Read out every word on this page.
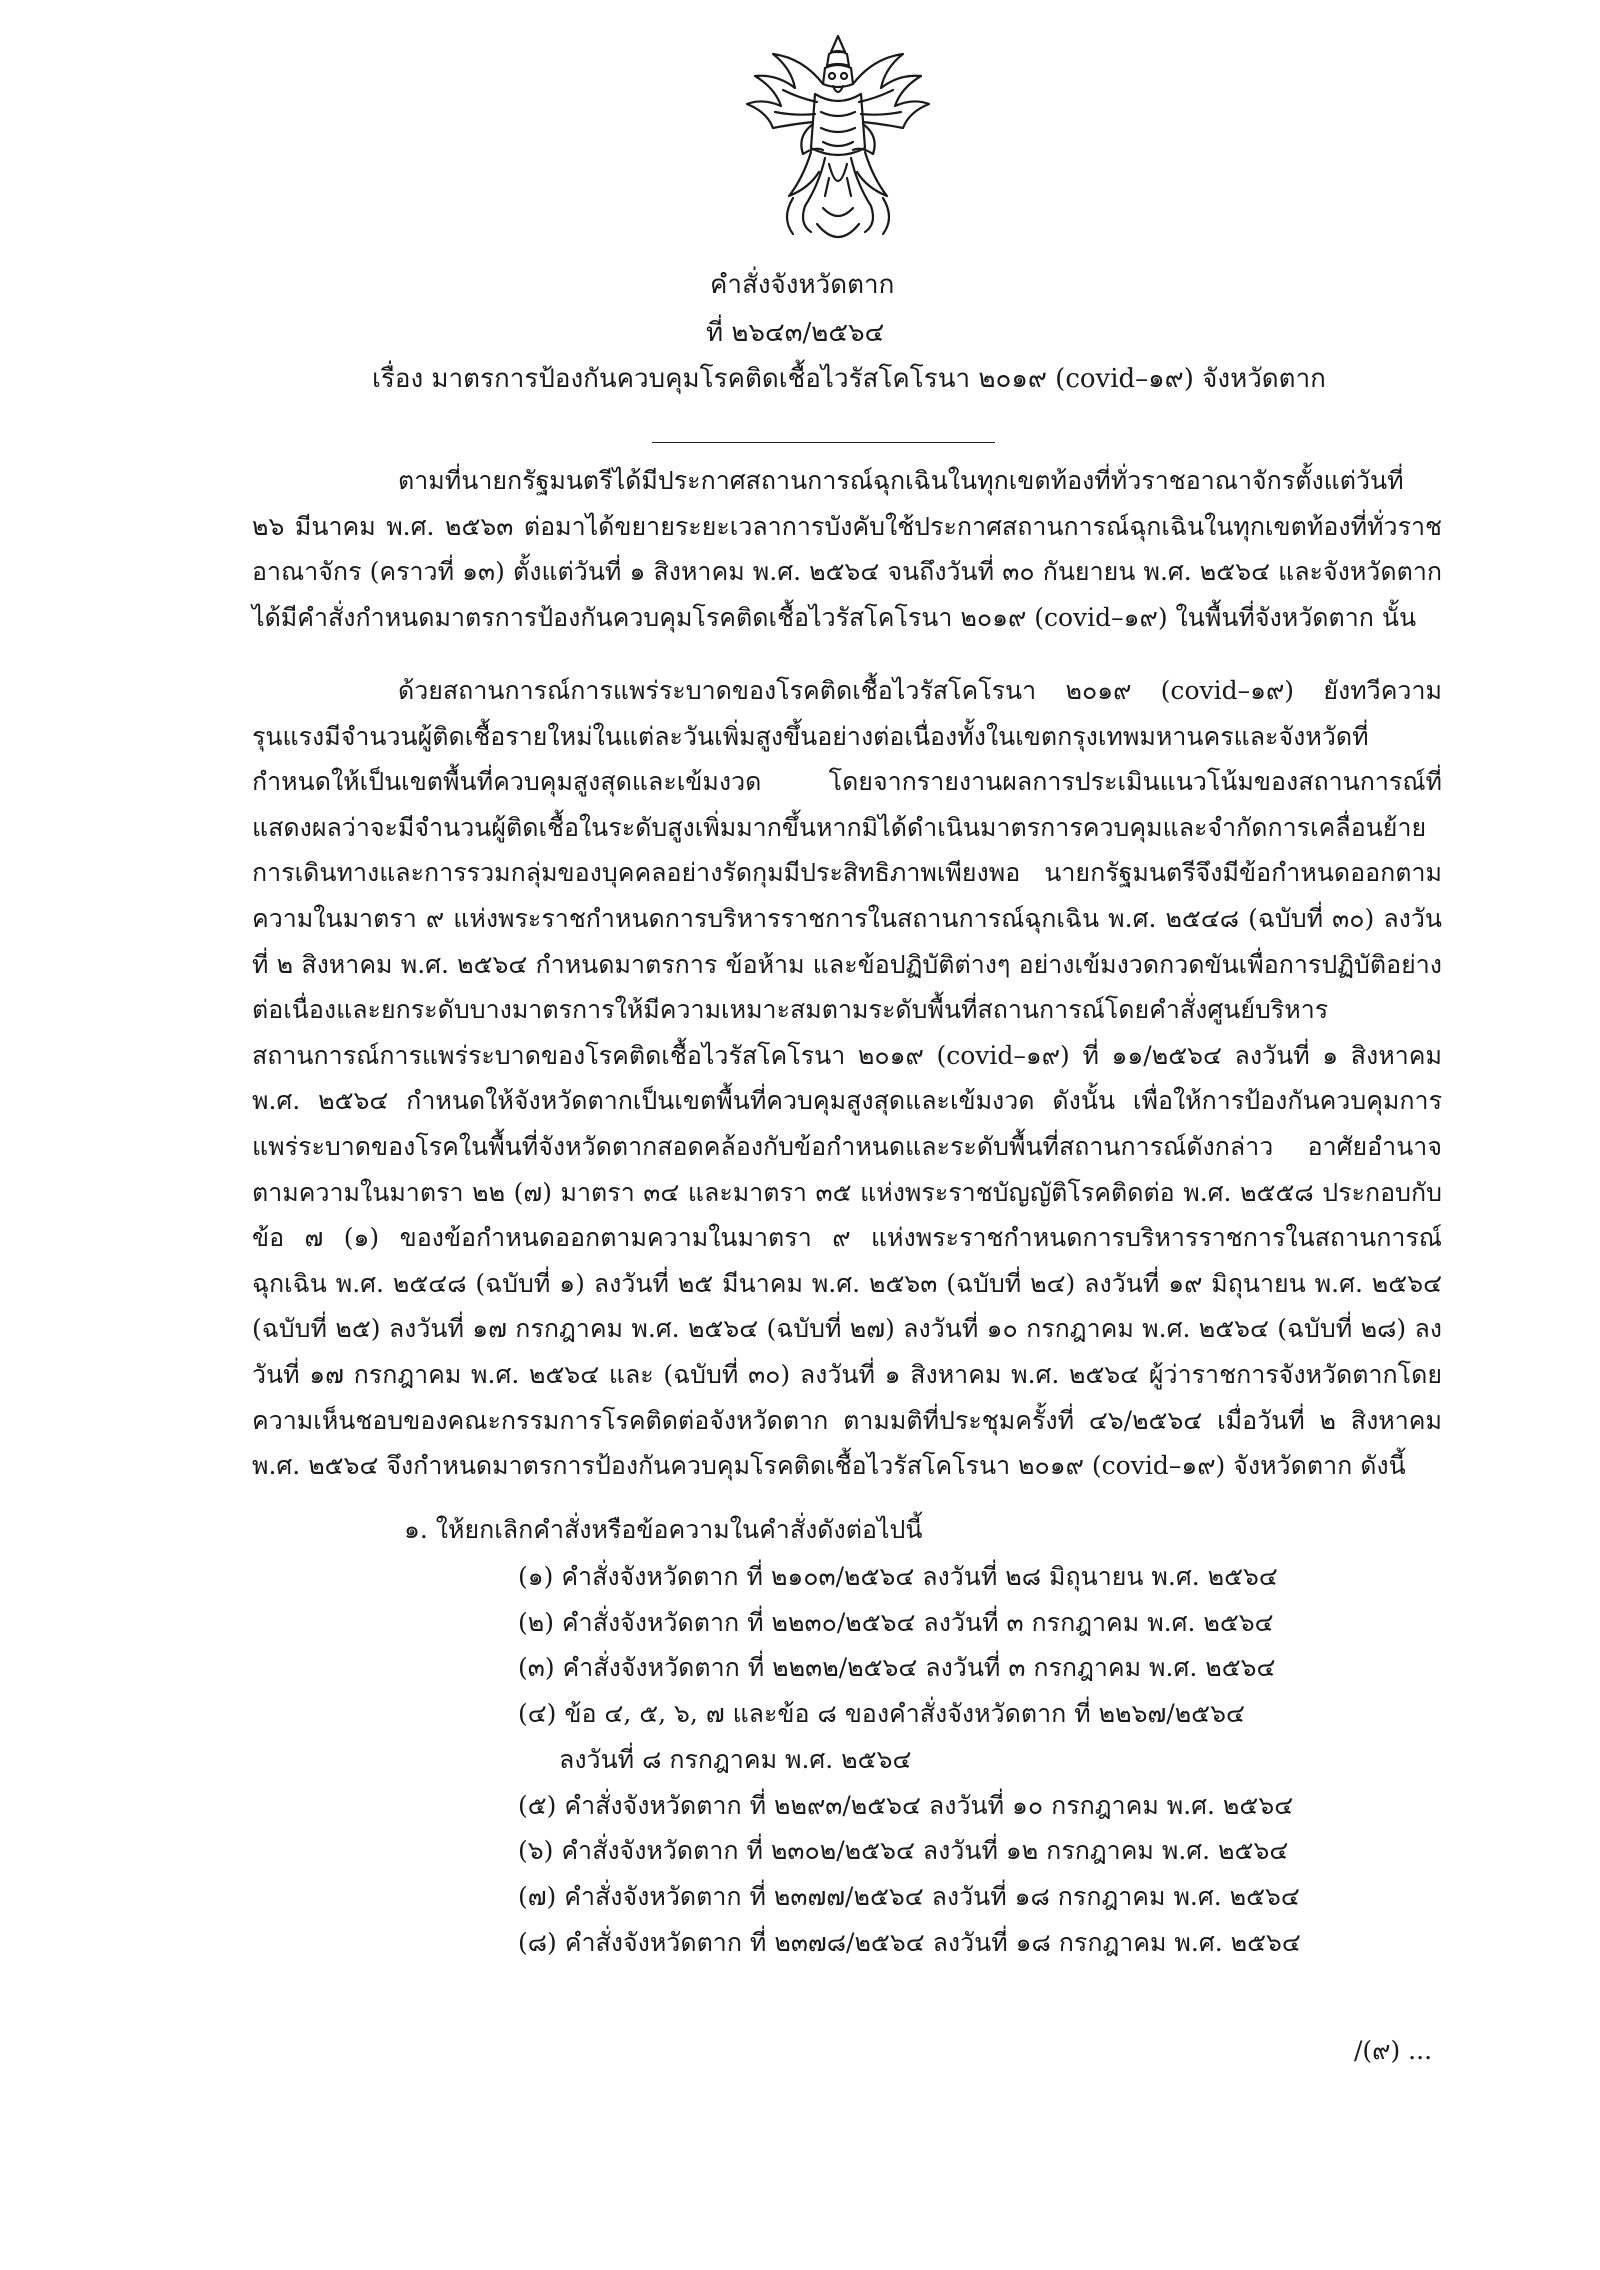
คำสั่งจังหวัดตาก
ที่ ๒๖๔๓/๒๕๖๔
เรื่อง มาตรการป้องกันควบคุมโรคติดเชื้อไวรัสโคโรนา ๒๐๑๙ (covid–๑๙) จังหวัดตาก

ตามที่นายกรัฐมนตรีได้มีประกาศสถานการณ์ฉุกเฉินในทุกเขตท้องที่ทั่วราชอาณาจักรตั้งแต่วันที่ ๒๖ มีนาคม พ.ศ. ๒๕๖๓ ต่อมาได้ขยายระยะเวลาการบังคับใช้ประกาศสถานการณ์ฉุกเฉินในทุกเขตท้องที่ทั่วราชอาณาจักร (คราวที่ ๑๓) ตั้งแต่วันที่ ๑ สิงหาคม พ.ศ. ๒๕๖๔ จนถึงวันที่ ๓๐ กันยายน พ.ศ. ๒๕๖๔ และจังหวัดตากได้มีคำสั่งกำหนดมาตรการป้องกันควบคุมโรคติดเชื้อไวรัสโคโรนา ๒๐๑๙ (covid–๑๙) ในพื้นที่จังหวัดตาก นั้น

ด้วยสถานการณ์การแพร่ระบาดของโรคติดเชื้อไวรัสโคโรนา ๒๐๑๙ (covid–๑๙) ยังทวีความรุนแรงมีจำนวนผู้ติดเชื้อรายใหม่ในแต่ละวันเพิ่มสูงขึ้นอย่างต่อเนื่องทั้งในเขตกรุงเทพมหานครและจังหวัดที่กำหนดให้เป็นเขตพื้นที่ควบคุมสูงสุดและเข้มงวด โดยจากรายงานผลการประเมินแนวโน้มของสถานการณ์ที่แสดงผลว่าจะมีจำนวนผู้ติดเชื้อในระดับสูงเพิ่มมากขึ้นหากมิได้ดำเนินมาตรการควบคุมและจำกัดการเคลื่อนย้ายการเดินทางและการรวมกลุ่มของบุคคลอย่างรัดกุมมีประสิทธิภาพเพียงพอ นายกรัฐมนตรีจึงมีข้อกำหนดออกตามความในมาตรา ๙ แห่งพระราชกำหนดการบริหารราชการในสถานการณ์ฉุกเฉิน พ.ศ. ๒๕๔๘ (ฉบับที่ ๓๐) ลงวันที่ ๒ สิงหาคม พ.ศ. ๒๕๖๔ กำหนดมาตรการ ข้อห้าม และข้อปฏิบัติต่างๆ อย่างเข้มงวดกวดขันเพื่อการปฏิบัติอย่างต่อเนื่องและยกระดับบางมาตรการให้มีความเหมาะสมตามระดับพื้นที่สถานการณ์โดยคำสั่งศูนย์บริหารสถานการณ์การแพร่ระบาดของโรคติดเชื้อไวรัสโคโรนา ๒๐๑๙ (covid–๑๙) ที่ ๑๑/๒๕๖๔ ลงวันที่ ๑ สิงหาคม พ.ศ. ๒๕๖๔ กำหนดให้จังหวัดตากเป็นเขตพื้นที่ควบคุมสูงสุดและเข้มงวด ดังนั้น เพื่อให้การป้องกันควบคุมการแพร่ระบาดของโรคในพื้นที่จังหวัดตากสอดคล้องกับข้อกำหนดและระดับพื้นที่สถานการณ์ดังกล่าว อาศัยอำนาจตามความในมาตรา ๒๒ (๗) มาตรา ๓๔ และมาตรา ๓๕ แห่งพระราชบัญญัติโรคติดต่อ พ.ศ. ๒๕๕๘ ประกอบกับข้อ ๗ (๑) ของข้อกำหนดออกตามความในมาตรา ๙ แห่งพระราชกำหนดการบริหารราชการในสถานการณ์ฉุกเฉิน พ.ศ. ๒๕๔๘ (ฉบับที่ ๑) ลงวันที่ ๒๕ มีนาคม พ.ศ. ๒๕๖๓ (ฉบับที่ ๒๔) ลงวันที่ ๑๙ มิถุนายน พ.ศ. ๒๕๖๔ (ฉบับที่ ๒๕) ลงวันที่ ๑๗ กรกฎาคม พ.ศ. ๒๕๖๔ (ฉบับที่ ๒๗) ลงวันที่ ๑๐ กรกฎาคม พ.ศ. ๒๕๖๔ (ฉบับที่ ๒๘) ลงวันที่ ๑๗ กรกฎาคม พ.ศ. ๒๕๖๔ และ (ฉบับที่ ๓๐) ลงวันที่ ๑ สิงหาคม พ.ศ. ๒๕๖๔ ผู้ว่าราชการจังหวัดตากโดยความเห็นชอบของคณะกรรมการโรคติดต่อจังหวัดตาก ตามมติที่ประชุมครั้งที่ ๔๖/๒๕๖๔ เมื่อวันที่ ๒ สิงหาคม พ.ศ. ๒๕๖๔ จึงกำหนดมาตรการป้องกันควบคุมโรคติดเชื้อไวรัสโคโรนา ๒๐๑๙ (covid–๑๙) จังหวัดตาก ดังนี้

๑. ให้ยกเลิกคำสั่งหรือข้อความในคำสั่งดังต่อไปนี้
(๑) คำสั่งจังหวัดตาก ที่ ๒๑๐๓/๒๕๖๔ ลงวันที่ ๒๘ มิถุนายน พ.ศ. ๒๕๖๔
(๒) คำสั่งจังหวัดตาก ที่ ๒๒๓๐/๒๕๖๔ ลงวันที่ ๓ กรกฎาคม พ.ศ. ๒๕๖๔
(๓) คำสั่งจังหวัดตาก ที่ ๒๒๓๒/๒๕๖๔ ลงวันที่ ๓ กรกฎาคม พ.ศ. ๒๕๖๔
(๔) ข้อ ๔, ๕, ๖, ๗ และข้อ ๘ ของคำสั่งจังหวัดตาก ที่ ๒๒๖๗/๒๕๖๔
ลงวันที่ ๘ กรกฎาคม พ.ศ. ๒๕๖๔
(๕) คำสั่งจังหวัดตาก ที่ ๒๒๙๓/๒๕๖๔ ลงวันที่ ๑๐ กรกฎาคม พ.ศ. ๒๕๖๔
(๖) คำสั่งจังหวัดตาก ที่ ๒๓๐๒/๒๕๖๔ ลงวันที่ ๑๒ กรกฎาคม พ.ศ. ๒๕๖๔
(๗) คำสั่งจังหวัดตาก ที่ ๒๓๗๗/๒๕๖๔ ลงวันที่ ๑๘ กรกฎาคม พ.ศ. ๒๕๖๔
(๘) คำสั่งจังหวัดตาก ที่ ๒๓๗๘/๒๕๖๔ ลงวันที่ ๑๘ กรกฎาคม พ.ศ. ๒๕๖๔
/(๙) ...
